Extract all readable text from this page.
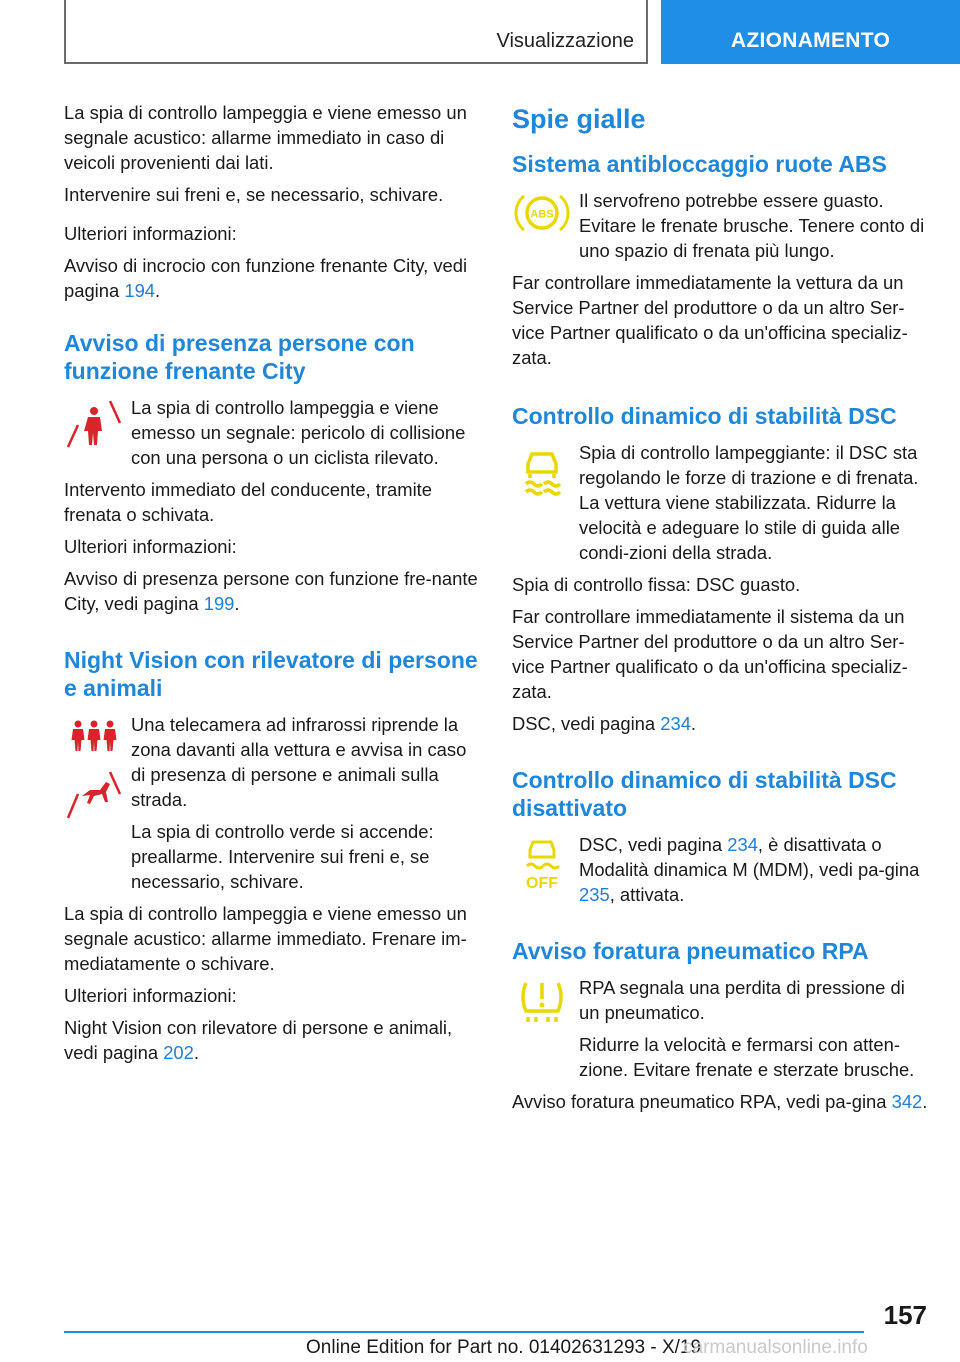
Visualizzazione	AZIONAMENTO

La spia di controllo lampeggia e viene emesso un segnale acustico: allarme immediato in caso di veicoli provenienti dai lati.

Intervenire sui freni e, se necessario, schivare.

Ulteriori informazioni:

Avviso di incrocio con funzione frenante City, vedi pagina 194.

Avviso di presenza persone con funzione frenante City

La spia di controllo lampeggia e viene emesso un segnale: pericolo di collisione con una persona o un ciclista rilevato.

Intervento immediato del conducente, tramite frenata o schivata.

Ulteriori informazioni:

Avviso di presenza persone con funzione fre-nante City, vedi pagina 199.

Night Vision con rilevatore di persone e animali

Una telecamera ad infrarossi riprende la zona davanti alla vettura e avvisa in caso di presenza di persone e animali sulla strada.

La spia di controllo verde si accende: preallarme. Intervenire sui freni e, se necessario, schivare.

La spia di controllo lampeggia e viene emesso un segnale acustico: allarme immediato. Frenare im-mediatamente o schivare.

Ulteriori informazioni:

Night Vision con rilevatore di persone e animali, vedi pagina 202.

Spie gialle
Sistema antibloccaggio ruote ABS
ABS

Il servofreno potrebbe essere guasto. Evitare le frenate brusche. Tenere conto di uno spazio di frenata più lungo.

Far controllare immediatamente la vettura da un Service Partner del produttore o da un altro Ser-vice Partner qualificato o da un'officina specializ-zata.

Controllo dinamico di stabilità DSC

Spia di controllo lampeggiante: il DSC sta regolando le forze di trazione e di frenata. La vettura viene stabilizzata. Ridurre la velocità e adeguare lo stile di guida alle condi-zioni della strada.

Spia di controllo fissa: DSC guasto.

Far controllare immediatamente il sistema da un Service Partner del produttore o da un altro Ser-vice Partner qualificato o da un'officina specializ-zata.

DSC, vedi pagina 234.

Controllo dinamico di stabilità DSC disattivato
OFF

DSC, vedi pagina 234, è disattivata o Modalità dinamica M (MDM), vedi pa-gina 235, attivata.

Avviso foratura pneumatico RPA

RPA segnala una perdita di pressione di un pneumatico.

Ridurre la velocità e fermarsi con atten-zione. Evitare frenate e sterzate brusche.

Avviso foratura pneumatico RPA, vedi pa-gina 342.

157
Online Edition for Part no. 01402631293 - X/19
carmanualsonline.info
